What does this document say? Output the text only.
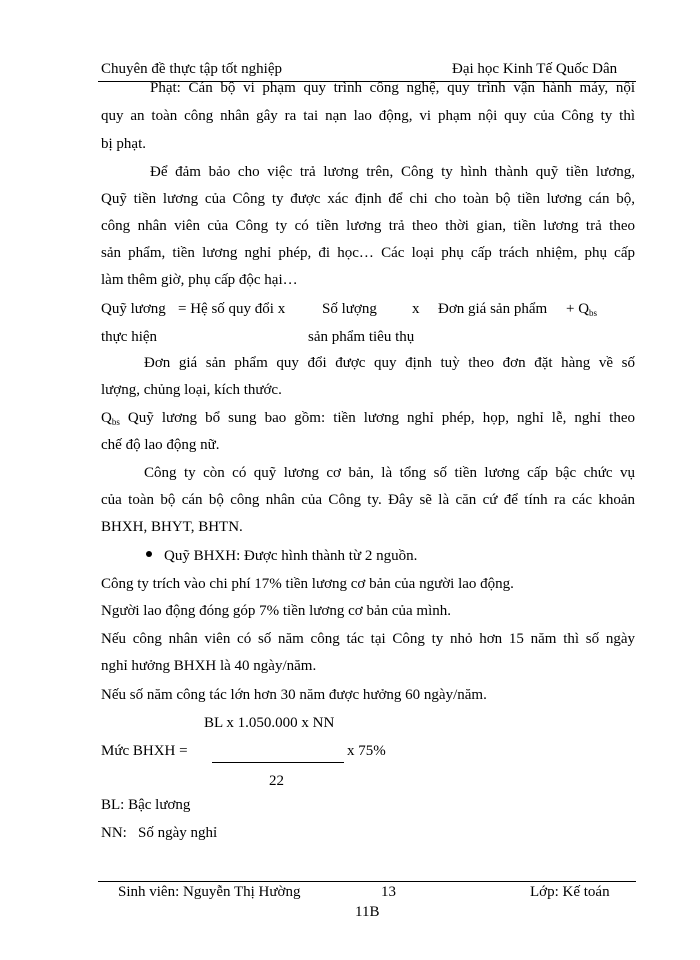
Chuyên đề thực tập tốt nghiệp	Đại học Kinh Tế Quốc Dân
Phạt: Cán bộ vi phạm quy trình công nghệ, quy trình vận hành máy, nội
quy an toàn công nhân gây ra tai nạn lao động, vi phạm nội quy của Công ty thì
bị phạt.
Để đảm bảo cho việc trả lương trên, Công ty hình thành quỹ tiền lương,
Quỹ tiền lương của Công ty được xác định để chi cho toàn bộ tiền lương cán bộ,
công nhân viên của Công ty có tiền lương trả theo thời gian, tiền lương trả theo
sản phẩm, tiền lương nghỉ phép, đi học… Các loại phụ cấp trách nhiệm, phụ cấp
làm thêm giờ, phụ cấp độc hại…
Quỹ lương = Hệ số quy đổi x Số lượng x Đơn giá sản phẩm + $Q_{bs}$
thực hiện	sản phẩm tiêu thụ
Đơn giá sản phẩm quy đổi được quy định tuỳ theo đơn đặt hàng về số
lượng, chủng loại, kích thước.
$Q_{bs}$ Quỹ lương bổ sung bao gồm: tiền lương nghỉ phép, họp, nghỉ lễ, nghỉ theo
chế độ lao động nữ.
Công ty còn có quỹ lương cơ bản, là tổng số tiền lương cấp bậc chức vụ
của toàn bộ cán bộ công nhân của Công ty. Đây sẽ là căn cứ để tính ra các khoản
BHXH, BHYT, BHTN.
Quỹ BHXH: Được hình thành từ 2 nguồn.
Công ty trích vào chi phí 17% tiền lương cơ bản của người lao động.
Người lao động đóng góp 7% tiền lương cơ bản của mình.
Nếu công nhân viên có số năm công tác tại Công ty nhỏ hơn 15 năm thì số ngày
nghỉ hưởng BHXH là 40 ngày/năm.
Nếu số năm công tác lớn hơn 30 năm được hưởng 60 ngày/năm.
BL x 1.050.000 x NN
Mức BHXH =	x 75%
22
BL: Bậc lương
NN: Số ngày nghỉ
Sinh viên: Nguyễn Thị Hường	13	Lớp: Kế toán
11B
